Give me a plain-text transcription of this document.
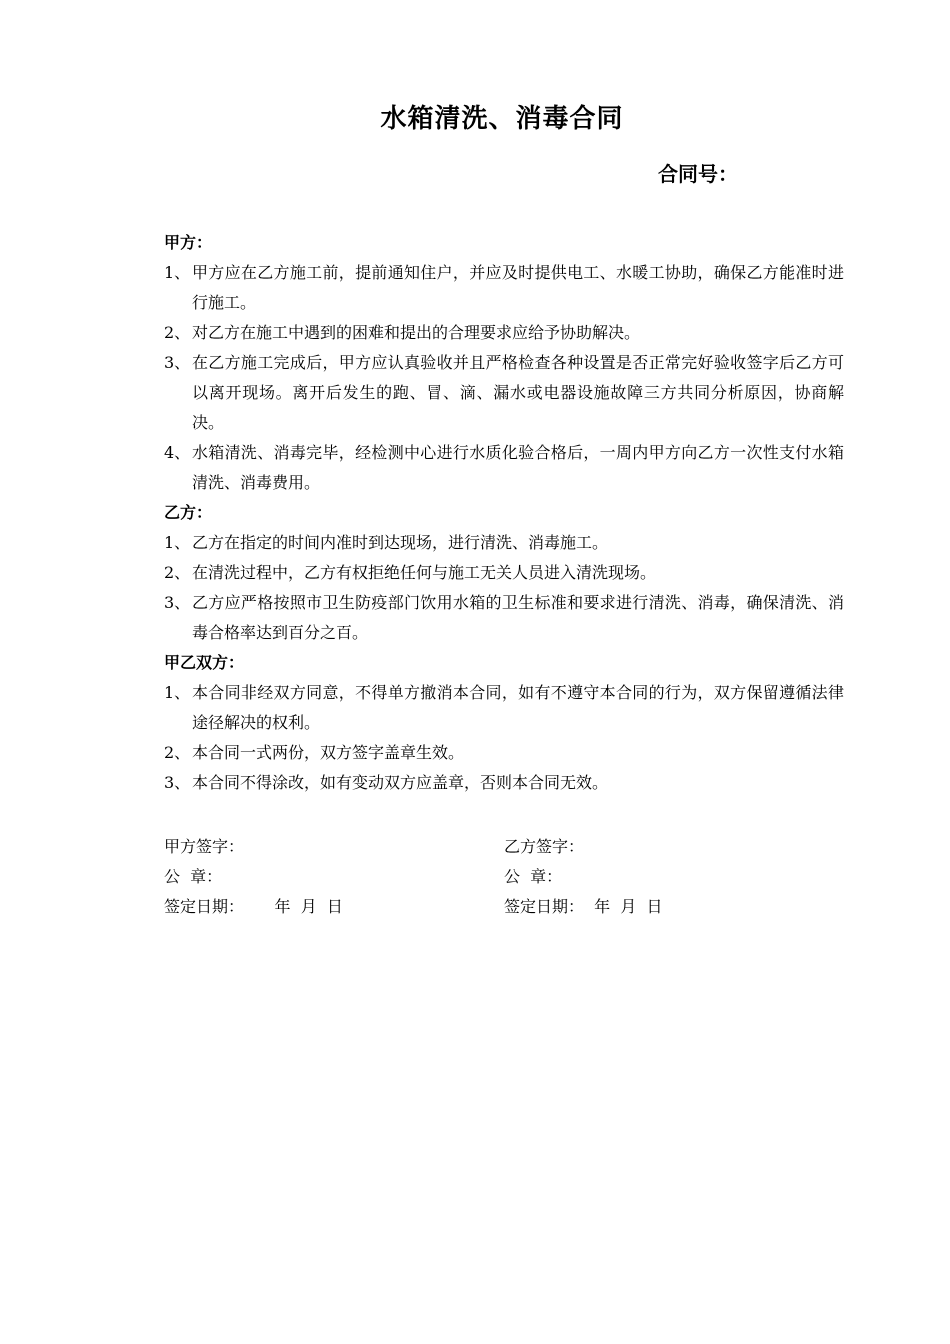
水箱清洗、消毒合同
合同号：
甲方：
1、 甲方应在乙方施工前，提前通知住户，并应及时提供电工、水暖工协助，确保乙方能准时进行施工。
2、 对乙方在施工中遇到的困难和提出的合理要求应给予协助解决。
3、 在乙方施工完成后，甲方应认真验收并且严格检查各种设置是否正常完好验收签字后乙方可以离开现场。离开后发生的跑、冒、滴、漏水或电器设施故障三方共同分析原因，协商解决。
4、 水箱清洗、消毒完毕，经检测中心进行水质化验合格后，一周内甲方向乙方一次性支付水箱清洗、消毒费用。
乙方：
1、 乙方在指定的时间内准时到达现场，进行清洗、消毒施工。
2、 在清洗过程中，乙方有权拒绝任何与施工无关人员进入清洗现场。
3、 乙方应严格按照市卫生防疫部门饮用水箱的卫生标准和要求进行清洗、消毒，确保清洗、消毒合格率达到百分之百。
甲乙双方：
1、 本合同非经双方同意，不得单方撤消本合同，如有不遵守本合同的行为，双方保留遵循法律途径解决的权利。
2、 本合同一式两份，双方签字盖章生效。
3、 本合同不得涂改，如有变动双方应盖章，否则本合同无效。
甲方签字：	乙方签字：
公  章：	公  章：
签定日期：      年  月  日	签定日期：  年  月  日
